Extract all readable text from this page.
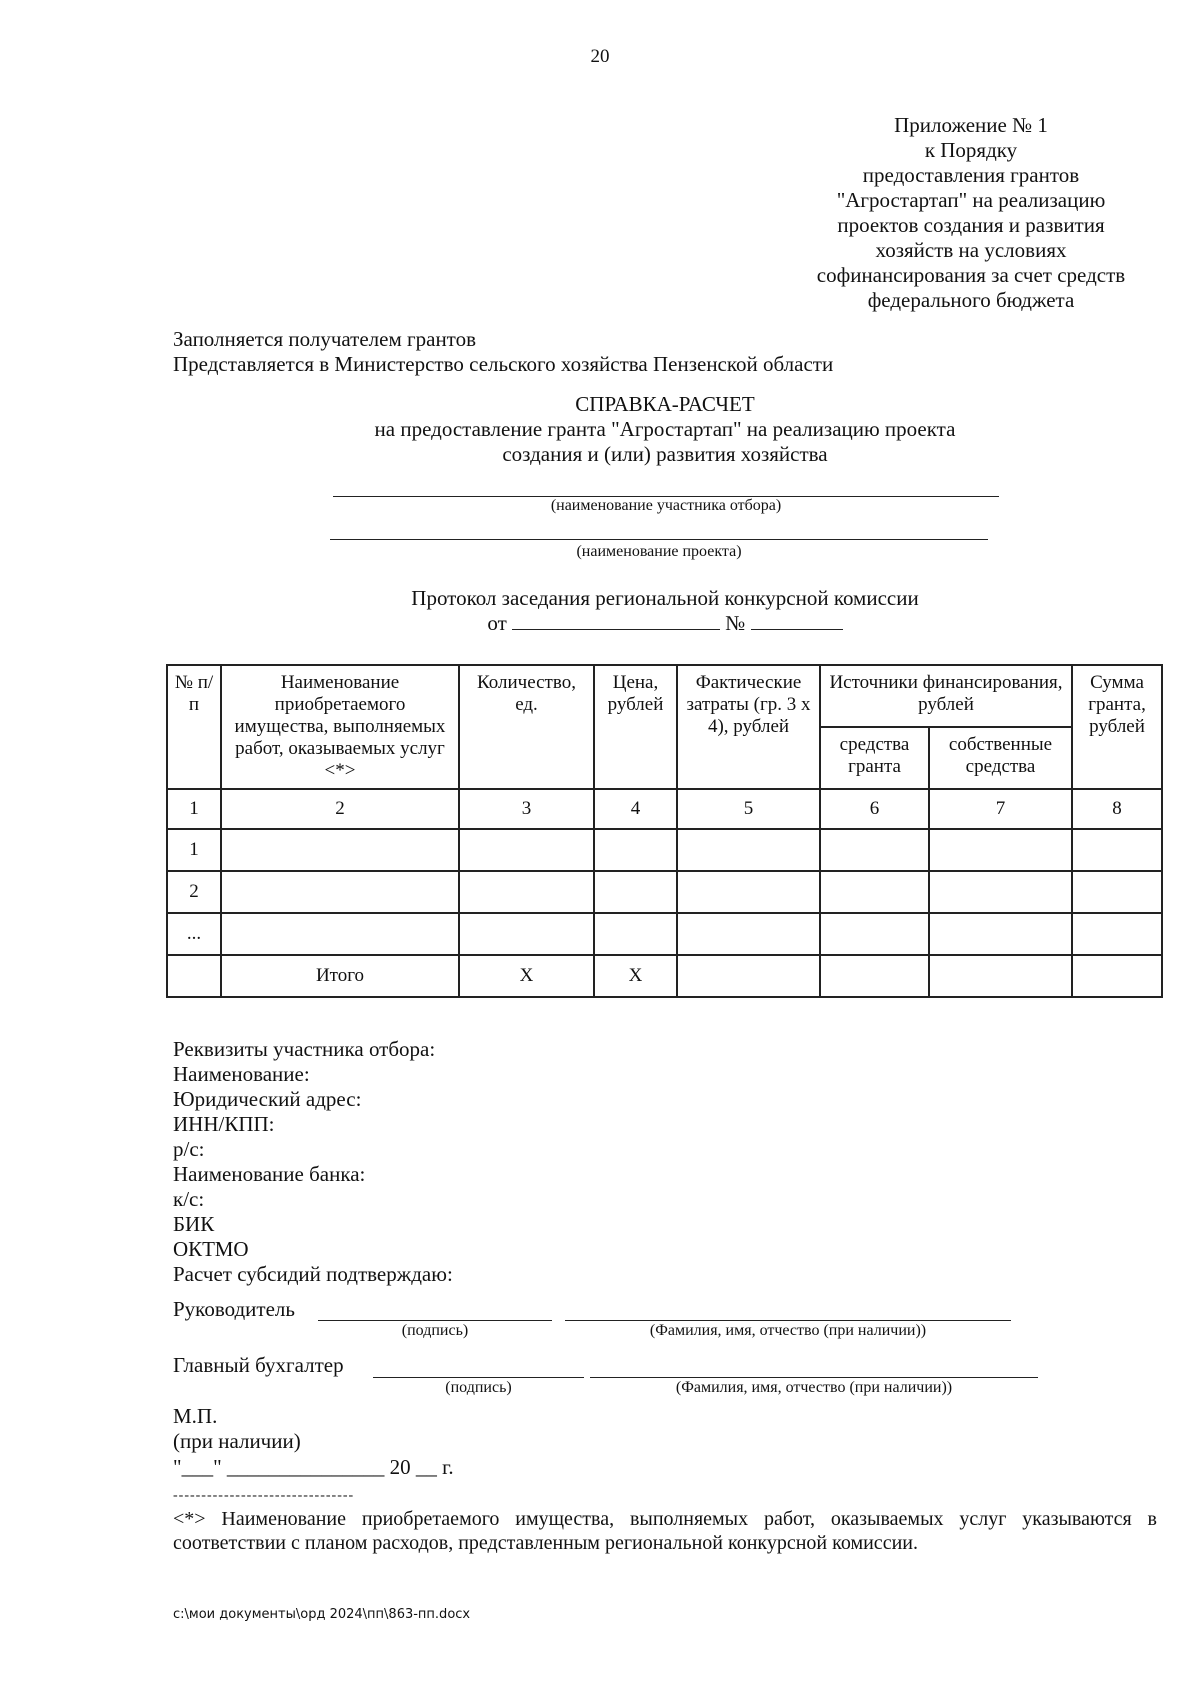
20
Приложение № 1
к Порядку
предоставления грантов
"Агростартап" на реализацию
проектов создания и развития
хозяйств на условиях
софинансирования за счет средств
федерального бюджета
Заполняется получателем грантов
Представляется в Министерство сельского хозяйства Пензенской области
СПРАВКА-РАСЧЕТ
на предоставление гранта "Агростартап" на реализацию проекта
создания и (или) развития хозяйства
(наименование участника отбора)
(наименование проекта)
Протокол заседания региональной конкурсной комиссии
от	№
№ п/п	Наименование приобретаемого имущества, выполняемых работ, оказываемых услуг <*>	Количество, ед.	Цена, рублей	Фактические затраты (гр. 3 х 4), рублей	Источники финансирования, рублей		Сумма гранта, рублей
					средства гранта	собственные средства	
1	2	3	4	5	6	7	8
1							
2							
...							
	Итого	Х	Х				
Реквизиты участника отбора:
Наименование:
Юридический адрес:
ИНН/КПП:
р/с:
Наименование банка:
к/с:
БИК
ОКТМО
Расчет субсидий подтверждаю:
Руководитель
(подпись)	(Фамилия, имя, отчество (при наличии))
Главный бухгалтер
(подпись)	(Фамилия, имя, отчество (при наличии))
М.П.
(при наличии)
"___" _______________ 20 __ г.
--------------------------------
<*> Наименование приобретаемого имущества, выполняемых работ, оказываемых услуг указываются в соответствии с планом расходов, представленным региональной конкурсной комиссии.
c:\мои документы\орд 2024\пп\863-пп.docx
